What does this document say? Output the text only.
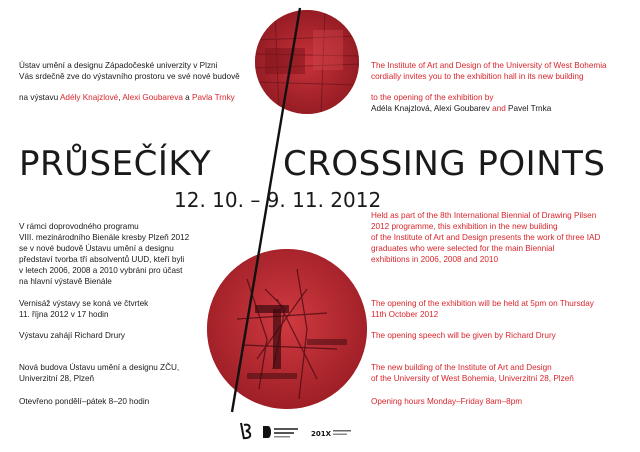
Ústav umění a designu Západočeské univerzity v Plzni
Vás srdečně zve do výstavního prostoru ve své nové budově
na výstavu Adély Knajzlové, Alexi Goubareva a Pavla Trnky
V rámci doprovodného programu
VIII. mezinárodního Bienále kresby Plzeň 2012
se v nové budově Ústavu umění a designu
představí tvorba tří absolventů UUD, kteří byli
v letech 2006, 2008 a 2010 vybráni pro účast
na hlavní výstavě Bienále
Vernisáž výstavy se koná ve čtvrtek
11. října 2012 v 17 hodin
Výstavu zahájí Richard Drury
Nová budova Ústavu umění a designu ZČU,
Univerzitní 28, Plzeň
Otevřeno pondělí–pátek 8–20 hodin
The Institute of Art and Design of the University of West Bohemia
cordially invites you to the exhibition hall in its new building
to the opening of the exhibition by
Adéla Knajzlová, Alexi Goubarev and Pavel Trnka
Held as part of the 8th International Biennial of Drawing Pilsen
2012 programme, this exhibition in the new building
of the Institute of Art and Design presents the work of three IAD
graduates who were selected for the main Biennial
exhibitions in 2006, 2008 and 2010
The opening of the exhibition will be held at 5pm on Thursday
11th October 2012
The opening speech will be given by Richard Drury
The new building of the Institute of Art and Design
of the University of West Bohemia, Univerzitní 28, Plzeň
Opening hours Monday–Friday 8am–8pm
PRŮSEČÍKY CROSSING POINTS
12. 10. – 9. 11. 2012
201X
